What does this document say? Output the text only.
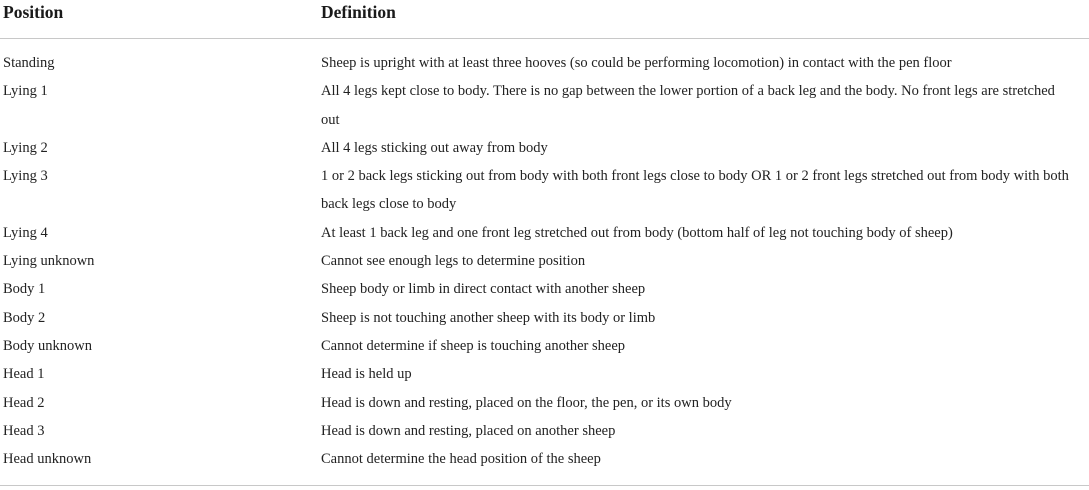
Position	Definition
Standing	Sheep is upright with at least three hooves (so could be performing locomotion) in contact with the pen floor
Lying 1	All 4 legs kept close to body. There is no gap between the lower portion of a back leg and the body. No front legs are stretched out
Lying 2	All 4 legs sticking out away from body
Lying 3	1 or 2 back legs sticking out from body with both front legs close to body OR 1 or 2 front legs stretched out from body with both back legs close to body
Lying 4	At least 1 back leg and one front leg stretched out from body (bottom half of leg not touching body of sheep)
Lying unknown	Cannot see enough legs to determine position
Body 1	Sheep body or limb in direct contact with another sheep
Body 2	Sheep is not touching another sheep with its body or limb
Body unknown	Cannot determine if sheep is touching another sheep
Head 1	Head is held up
Head 2	Head is down and resting, placed on the floor, the pen, or its own body
Head 3	Head is down and resting, placed on another sheep
Head unknown	Cannot determine the head position of the sheep
